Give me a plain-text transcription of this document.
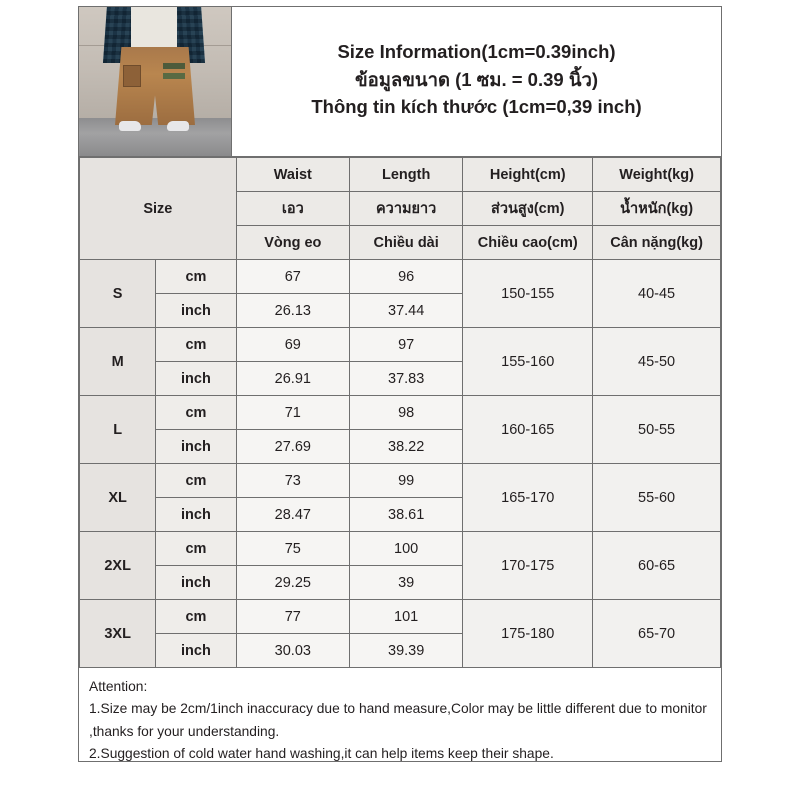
Size Information(1cm=0.39inch)
ข้อมูลขนาด (1 ซม. = 0.39 นิ้ว)
Thông tin kích thước (1cm=0,39 inch)
Size		Waist	Length	Height(cm)	Weight(kg)
		เอว	ความยาว	ส่วนสูง(cm)	น้ำหนัก(kg)
		Vòng eo	Chiều dài	Chiều cao(cm)	Cân nặng(kg)
S	cm	67	96	150-155	40-45
	inch	26.13	37.44		
M	cm	69	97	155-160	45-50
	inch	26.91	37.83		
L	cm	71	98	160-165	50-55
	inch	27.69	38.22		
XL	cm	73	99	165-170	55-60
	inch	28.47	38.61		
2XL	cm	75	100	170-175	60-65
	inch	29.25	39		
3XL	cm	77	101	175-180	65-70
	inch	30.03	39.39		
Attention:
1.Size may be 2cm/1inch inaccuracy due to hand measure,Color may be little different due to monitor ,thanks for your understanding.
2.Suggestion of cold water hand washing,it can help items keep their shape.
